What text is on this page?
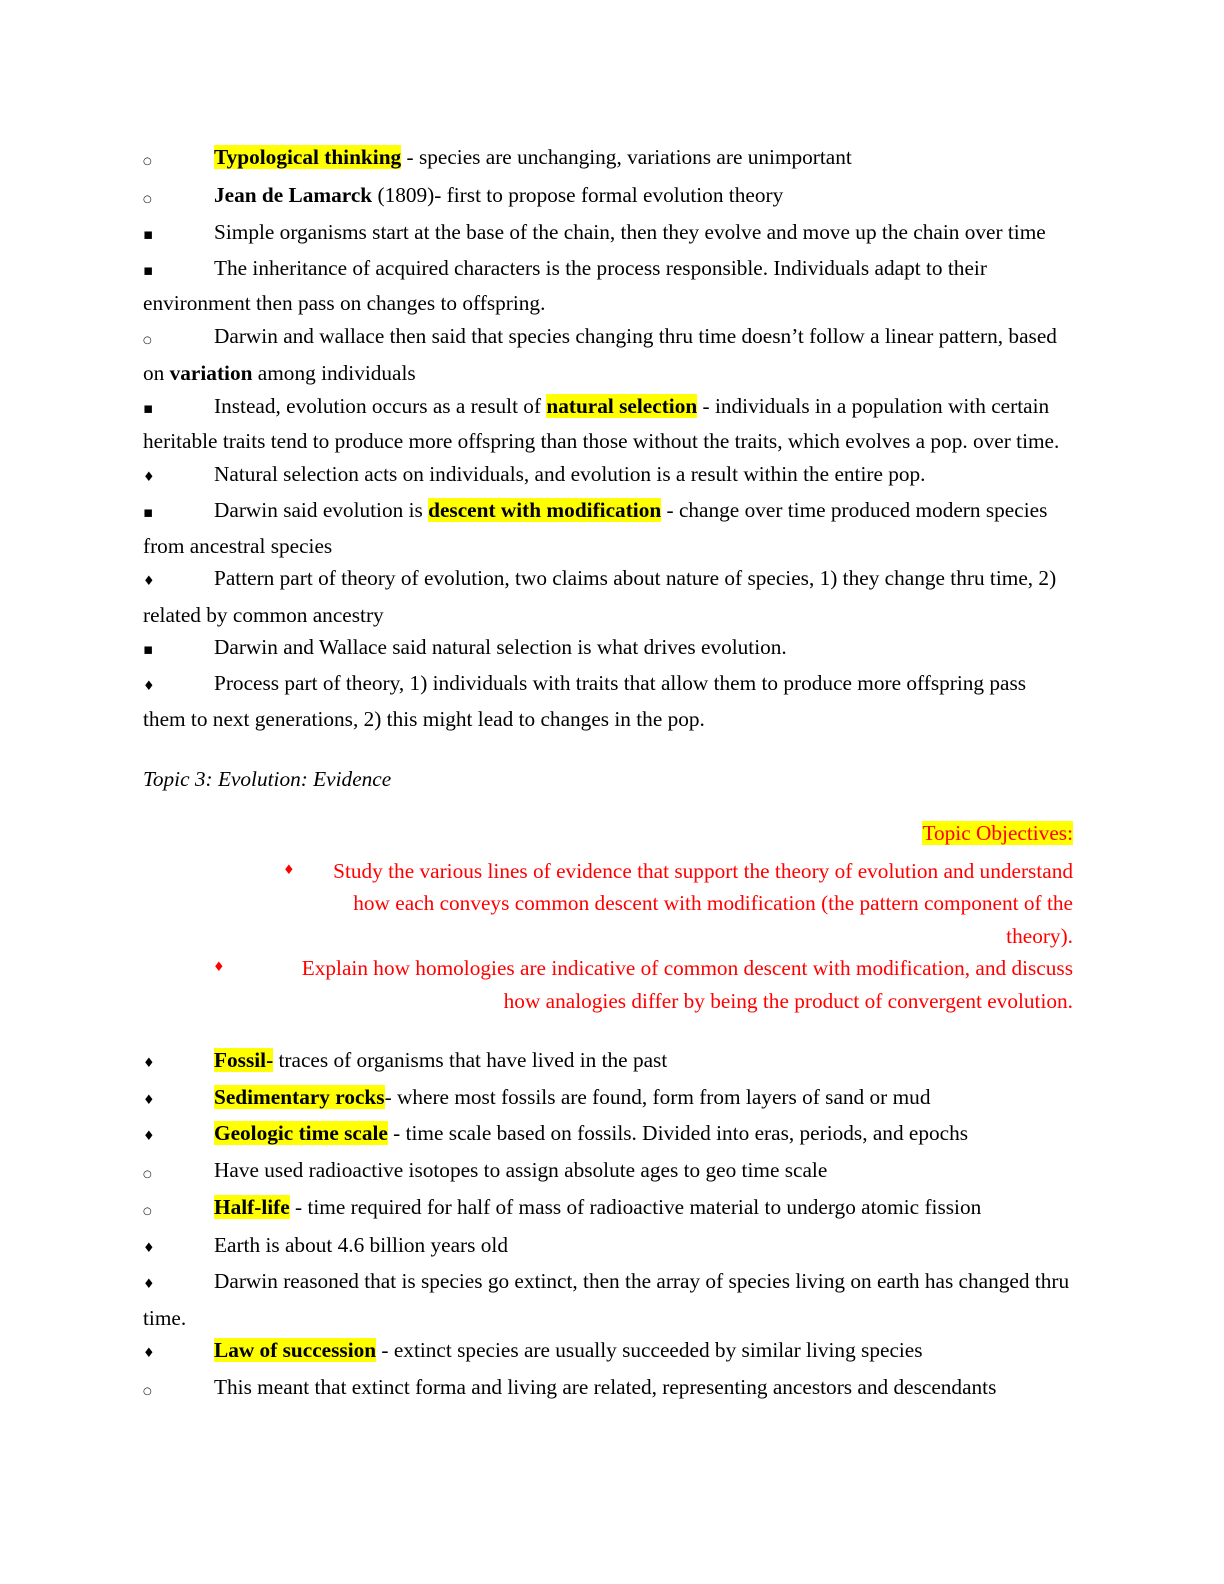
○Typological thinking - species are unchanging, variations are unimportant
○Jean de Lamarck (1809)- first to propose formal evolution theory
▪Simple organisms start at the base of the chain, then they evolve and move up the chain over time
▪The inheritance of acquired characters is the process responsible. Individuals adapt to their environment then pass on changes to offspring.
○Darwin and wallace then said that species changing thru time doesn’t follow a linear pattern, based on variation among individuals
▪Instead, evolution occurs as a result of natural selection - individuals in a population with certain heritable traits tend to produce more offspring than those without the traits, which evolves a pop. over time.
♦Natural selection acts on individuals, and evolution is a result within the entire pop.
▪Darwin said evolution is descent with modification - change over time produced modern species from ancestral species
♦Pattern part of theory of evolution, two claims about nature of species, 1) they change thru time, 2) related by common ancestry
▪Darwin and Wallace said natural selection is what drives evolution.
♦Process part of theory, 1) individuals with traits that allow them to produce more offspring pass them to next generations, 2) this might lead to changes in the pop.
Topic 3: Evolution: Evidence
Topic Objectives:
♦ Study the various lines of evidence that support the theory of evolution and understand how each conveys common descent with modification (the pattern component of the theory).
♦	Explain how homologies are indicative of common descent with modification, and discuss how analogies differ by being the product of convergent evolution.
♦Fossil- traces of organisms that have lived in the past
♦Sedimentary rocks- where most fossils are found, form from layers of sand or mud
♦Geologic time scale - time scale based on fossils. Divided into eras, periods, and epochs
○Have used radioactive isotopes to assign absolute ages to geo time scale
○Half-life - time required for half of mass of radioactive material to undergo atomic fission
♦Earth is about 4.6 billion years old
♦Darwin reasoned that is species go extinct, then the array of species living on earth has changed thru time.
♦Law of succession - extinct species are usually succeeded by similar living species
○This meant that extinct forma and living are related, representing ancestors and descendants
